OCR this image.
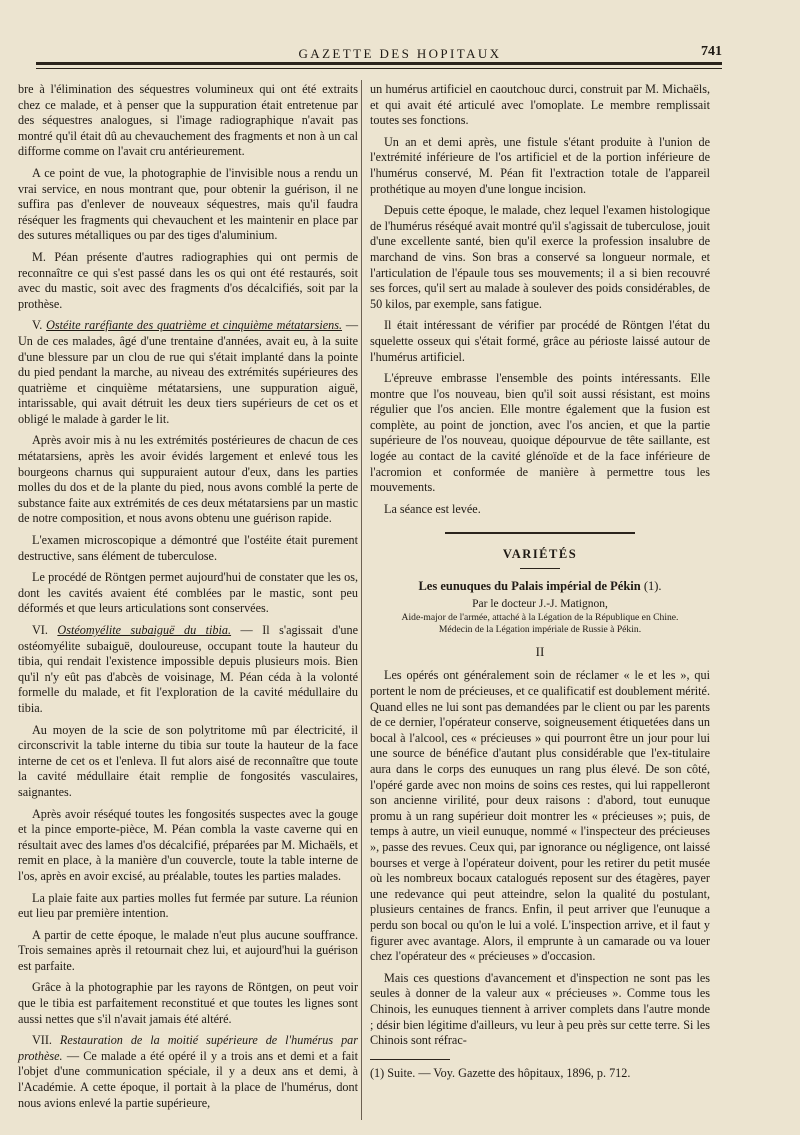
GAZETTE DES HOPITAUX	741

bre à l'élimination des séquestres volumineux qui ont été extraits chez ce malade, et à penser que la suppuration était entretenue par des séquestres analogues, si l'image radiographique n'avait pas montré qu'il était dû au chevauchement des fragments et non à un cal difforme comme on l'avait cru antérieurement.

A ce point de vue, la photographie de l'invisible nous a rendu un vrai service, en nous montrant que, pour obtenir la guérison, il ne suffira pas d'enlever de nouveaux séquestres, mais qu'il faudra réséquer les fragments qui chevauchent et les maintenir en place par des sutures métalliques ou par des tiges d'aluminium.

M. Péan présente d'autres radiographies qui ont permis de reconnaître ce qui s'est passé dans les os qui ont été restaurés, soit avec du mastic, soit avec des fragments d'os décalcifiés, soit par la prothèse.

V. Ostéite raréfiante des quatrième et cinquième métatarsiens. — Un de ces malades, âgé d'une trentaine d'années, avait eu, à la suite d'une blessure par un clou de rue qui s'était implanté dans la pointe du pied pendant la marche, au niveau des extrémités supérieures des quatrième et cinquième métatarsiens, une suppuration aiguë, intarissable, qui avait détruit les deux tiers supérieurs de cet os et obligé le malade à garder le lit.

Après avoir mis à nu les extrémités postérieures de chacun de ces métatarsiens, après les avoir évidés largement et enlevé tous les bourgeons charnus qui suppuraient autour d'eux, dans les parties molles du dos et de la plante du pied, nous avons comblé la perte de substance faite aux extrémités de ces deux métatarsiens par un mastic de notre composition, et nous avons obtenu une guérison rapide.

L'examen microscopique a démontré que l'ostéite était purement destructive, sans élément de tuberculose.

Le procédé de Röntgen permet aujourd'hui de constater que les os, dont les cavités avaient été comblées par le mastic, sont peu déformés et que leurs articulations sont conservées.

VI. Ostéomyélite subaiguë du tibia. — Il s'agissait d'une ostéomyélite subaiguë, douloureuse, occupant toute la hauteur du tibia, qui rendait l'existence impossible depuis plusieurs mois. Bien qu'il n'y eût pas d'abcès de voisinage, M. Péan céda à la volonté formelle du malade, et fit l'exploration de la cavité médullaire du tibia.

Au moyen de la scie de son polytritome mû par électricité, il circonscrivit la table interne du tibia sur toute la hauteur de la face interne de cet os et l'enleva. Il fut alors aisé de reconnaître que toute la cavité médullaire était remplie de fongosités vasculaires, saignantes.

Après avoir réséqué toutes les fongosités suspectes avec la gouge et la pince emporte-pièce, M. Péan combla la vaste caverne qui en résultait avec des lames d'os décalcifié, préparées par M. Michaëls, et remit en place, à la manière d'un couvercle, toute la table interne de l'os, après en avoir excisé, au préalable, toutes les parties malades.

La plaie faite aux parties molles fut fermée par suture. La réunion eut lieu par première intention.

A partir de cette époque, le malade n'eut plus aucune souffrance. Trois semaines après il retournait chez lui, et aujourd'hui la guérison est parfaite.

Grâce à la photographie par les rayons de Röntgen, on peut voir que le tibia est parfaitement reconstitué et que toutes les lignes sont aussi nettes que s'il n'avait jamais été altéré.

VII. Restauration de la moitié supérieure de l'humérus par prothèse. — Ce malade a été opéré il y a trois ans et demi et a fait l'objet d'une communication spéciale, il y a deux ans et demi, à l'Académie. A cette époque, il portait à la place de l'humérus, dont nous avions enlevé la partie supérieure,

un humérus artificiel en caoutchouc durci, construit par M. Michaëls, et qui avait été articulé avec l'omoplate. Le membre remplissait toutes ses fonctions.

Un an et demi après, une fistule s'étant produite à l'union de l'extrémité inférieure de l'os artificiel et de la portion inférieure de l'humérus conservé, M. Péan fit l'extraction totale de l'appareil prothétique au moyen d'une longue incision.

Depuis cette époque, le malade, chez lequel l'examen histologique de l'humérus réséqué avait montré qu'il s'agissait de tuberculose, jouit d'une excellente santé, bien qu'il exerce la profession insalubre de marchand de vins. Son bras a conservé sa longueur normale, et l'articulation de l'épaule tous ses mouvements; il a si bien recouvré ses forces, qu'il sert au malade à soulever des poids considérables, de 50 kilos, par exemple, sans fatigue.

Il était intéressant de vérifier par procédé de Röntgen l'état du squelette osseux qui s'était formé, grâce au périoste laissé autour de l'humérus artificiel.

L'épreuve embrasse l'ensemble des points intéressants. Elle montre que l'os nouveau, bien qu'il soit aussi résistant, est moins régulier que l'os ancien. Elle montre également que la fusion est complète, au point de jonction, avec l'os ancien, et que la partie supérieure de l'os nouveau, quoique dépourvue de tête saillante, est logée au contact de la cavité glénoïde et de la face inférieure de l'acromion et conformée de manière à permettre tous les mouvements.

La séance est levée.

VARIÉTÉS
Les eunuques du Palais impérial de Pékin (1).
Par le docteur J.-J. Matignon,
Aide-major de l'armée, attaché à la Légation de la République en Chine.
Médecin de la Légation impériale de Russie à Pékin.
II

Les opérés ont généralement soin de réclamer « le et les », qui portent le nom de précieuses, et ce qualificatif est doublement mérité. Quand elles ne lui sont pas demandées par le client ou par les parents de ce dernier, l'opérateur conserve, soigneusement étiquetées dans un bocal à l'alcool, ces « précieuses » qui pourront être un jour pour lui une source de bénéfice d'autant plus considérable que l'ex-titulaire aura dans le corps des eunuques un rang plus élevé. De son côté, l'opéré garde avec non moins de soins ces restes, qui lui rappelleront son ancienne virilité, pour deux raisons : d'abord, tout eunuque promu à un rang supérieur doit montrer les « précieuses »; puis, de temps à autre, un vieil eunuque, nommé « l'inspecteur des précieuses », passe des revues. Ceux qui, par ignorance ou négligence, ont laissé bourses et verge à l'opérateur doivent, pour les retirer du petit musée où les nombreux bocaux catalogués reposent sur des étagères, payer une redevance qui peut atteindre, selon la qualité du postulant, plusieurs centaines de francs. Enfin, il peut arriver que l'eunuque a perdu son bocal ou qu'on le lui a volé. L'inspection arrive, et il faut y figurer avec avantage. Alors, il emprunte à un camarade ou va louer chez l'opérateur des « précieuses » d'occasion.

Mais ces questions d'avancement et d'inspection ne sont pas les seules à donner de la valeur aux « précieuses ». Comme tous les Chinois, les eunuques tiennent à arriver complets dans l'autre monde ; désir bien légitime d'ailleurs, vu leur à peu près sur cette terre. Si les Chinois sont réfrac-

(1) Suite. — Voy. Gazette des hôpitaux, 1896, p. 712.
